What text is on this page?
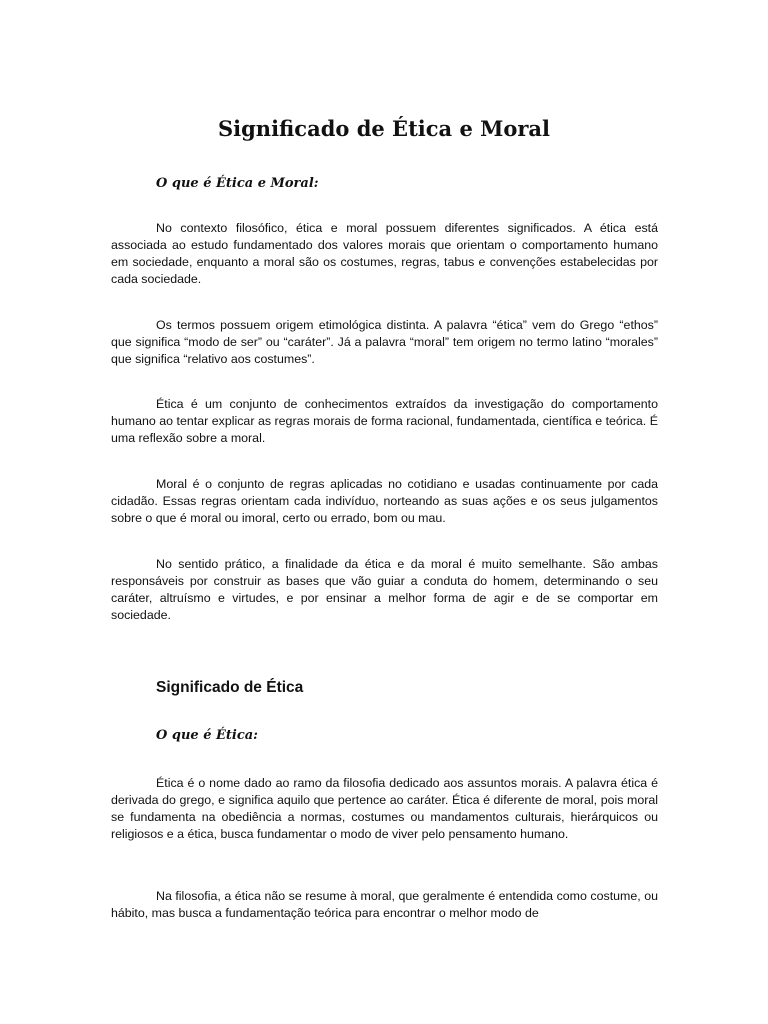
Significado de Ética e Moral

O que é Ética e Moral:

No contexto filosófico, ética e moral possuem diferentes significados. A ética está associada ao estudo fundamentado dos valores morais que orientam o comportamento humano em sociedade, enquanto a moral são os costumes, regras, tabus e convenções estabelecidas por cada sociedade.

Os termos possuem origem etimológica distinta. A palavra “ética” vem do Grego “ethos” que significa “modo de ser” ou “caráter”. Já a palavra “moral” tem origem no termo latino “morales” que significa “relativo aos costumes”.

Ética é um conjunto de conhecimentos extraídos da investigação do comportamento humano ao tentar explicar as regras morais de forma racional, fundamentada, científica e teórica. É uma reflexão sobre a moral.

Moral é o conjunto de regras aplicadas no cotidiano e usadas continuamente por cada cidadão. Essas regras orientam cada indivíduo, norteando as suas ações e os seus julgamentos sobre o que é moral ou imoral, certo ou errado, bom ou mau.

No sentido prático, a finalidade da ética e da moral é muito semelhante. São ambas responsáveis por construir as bases que vão guiar a conduta do homem, determinando o seu caráter, altruísmo e virtudes, e por ensinar a melhor forma de agir e de se comportar em sociedade.

Significado de Ética

O que é Ética:

Ética é o nome dado ao ramo da filosofia dedicado aos assuntos morais. A palavra ética é derivada do grego, e significa aquilo que pertence ao caráter. Ética é diferente de moral, pois moral se fundamenta na obediência a normas, costumes ou mandamentos culturais, hierárquicos ou religiosos e a ética, busca fundamentar o modo de viver pelo pensamento humano.

Na filosofia, a ética não se resume à moral, que geralmente é entendida como costume, ou hábito, mas busca a fundamentação teórica para encontrar o melhor modo de
